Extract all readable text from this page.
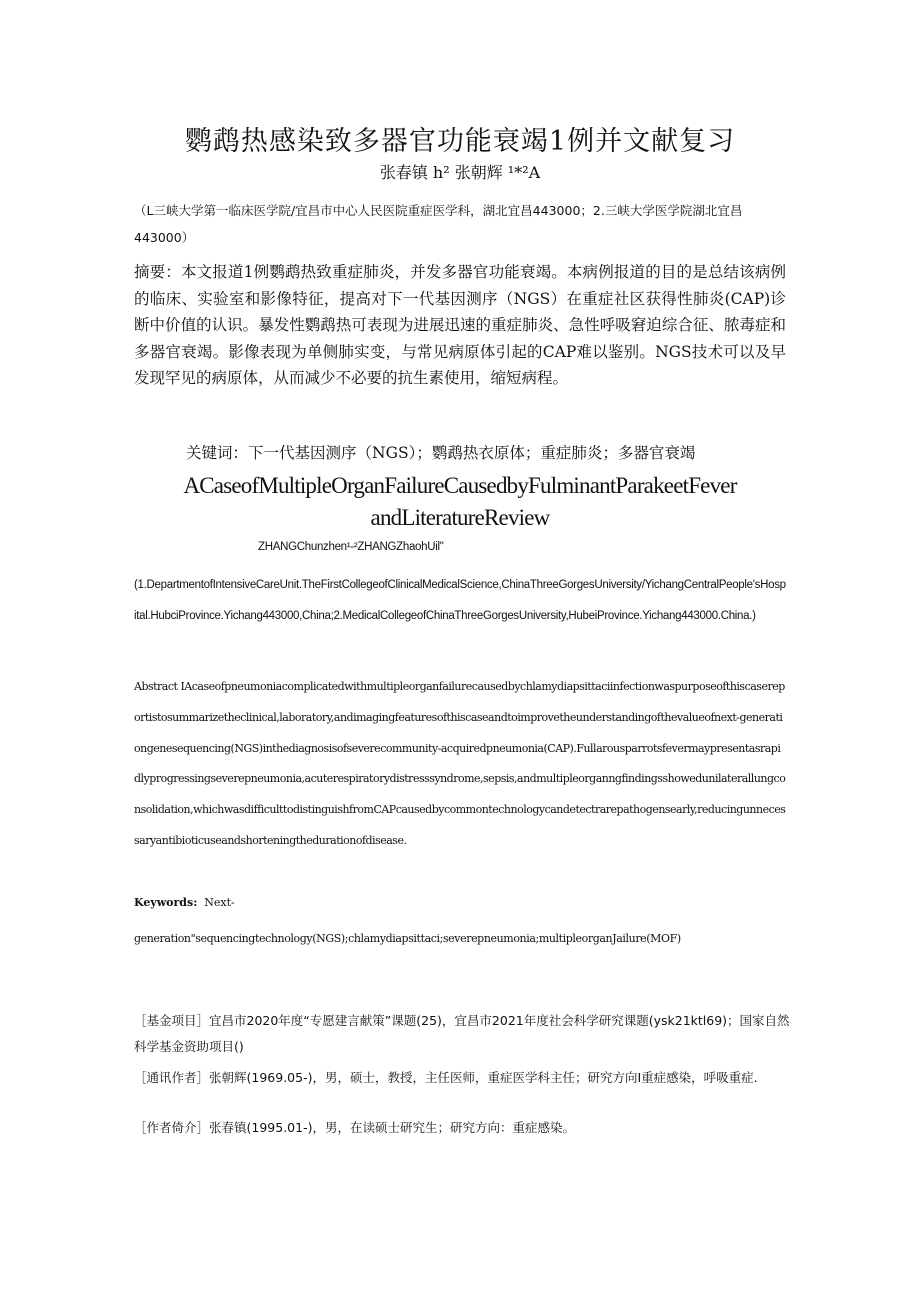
鹦鹉热感染致多器官功能衰竭1例并文献复习
张春镇 h² 张朝辉 ¹*²A
（L三峡大学第一临床医学院/宜昌市中心人民医院重症医学科，湖北宜昌443000；2.三峡大学医学院湖北宜昌443000）

摘要：本文报道1例鹦鹉热致重症肺炎，并发多器官功能衰竭。本病例报道的目的是总结该病例的临床、实验室和影像特征，提高对下一代基因测序（NGS）在重症社区获得性肺炎(CAP)诊断中价值的认识。暴发性鹦鹉热可表现为进展迅速的重症肺炎、急性呼吸窘迫综合征、脓毒症和多器官衰竭。影像表现为单侧肺实变，与常见病原体引起的CAP难以鉴别。NGS技术可以及早发现罕见的病原体，从而减少不必要的抗生素使用，缩短病程。

关键词：下一代基因测序（NGS）；鹦鹉热衣原体；重症肺炎；多器官衰竭
ACaseofMultipleOrganFailureCausedbyFulminantParakeetFever
andLiteratureReview
ZHANGChunzhen¹-²ZHANGZhaohUil"
(1.DepartmentofIntensiveCareUnit.TheFirstCollegeofClinicalMedicalScience,ChinaThreeGorgesUniversity/YichangCentralPeople'sHospital.HubciProvince.Yichang443000,China;2.MedicalCollegeofChinaThreeGorgesUniversity,HubeiProvince.Yichang443000.China.)

Abstract IAcaseofpneumoniacomplicatedwithmultipleorganfailurecausedbychlamydiapsittaciinfectionwaspurposeofthiscasereportistosummarizetheclinical,laboratory,andimagingfeaturesofthiscaseandtoimprovetheunderstandingofthevalueofnext-generationgenesequencing(NGS)inthediagnosisofseverecommunity-acquiredpneumonia(CAP).Fullarousparrotsfevermaypresentasrapidlyprogressingseverepneumonia,acuterespiratorydistresssyndrome,sepsis,andmultipleorganngfindingsshowedunilaterallungconsolidation,whichwasdifficulttodistinguishfromCAPcausedbycommontechnologycandetectrarepathogensearly,reducingunnecessaryantibioticuseandshorteningthedurationofdisease.

Keywords: Next-
generation"sequencingtechnology(NGS);chlamydiapsittaci;severepneumonia;multipleorganJailure(MOF)
［基金项目］宜昌市2020年度“专愿建言献策”课题(25)，宜昌市2021年度社会科学研究课题(ysk21ktl69)；国家自然科学基金资助项目()
［通讯作者］张朝辉(1969.05-)，男，硕士，教授，主任医师，重症医学科主任；研究方向I重症感染，呼吸重症.
［作者倚介］张春镇(1995.01-)，男，在读硕士研究生；研究方向：重症感染。
